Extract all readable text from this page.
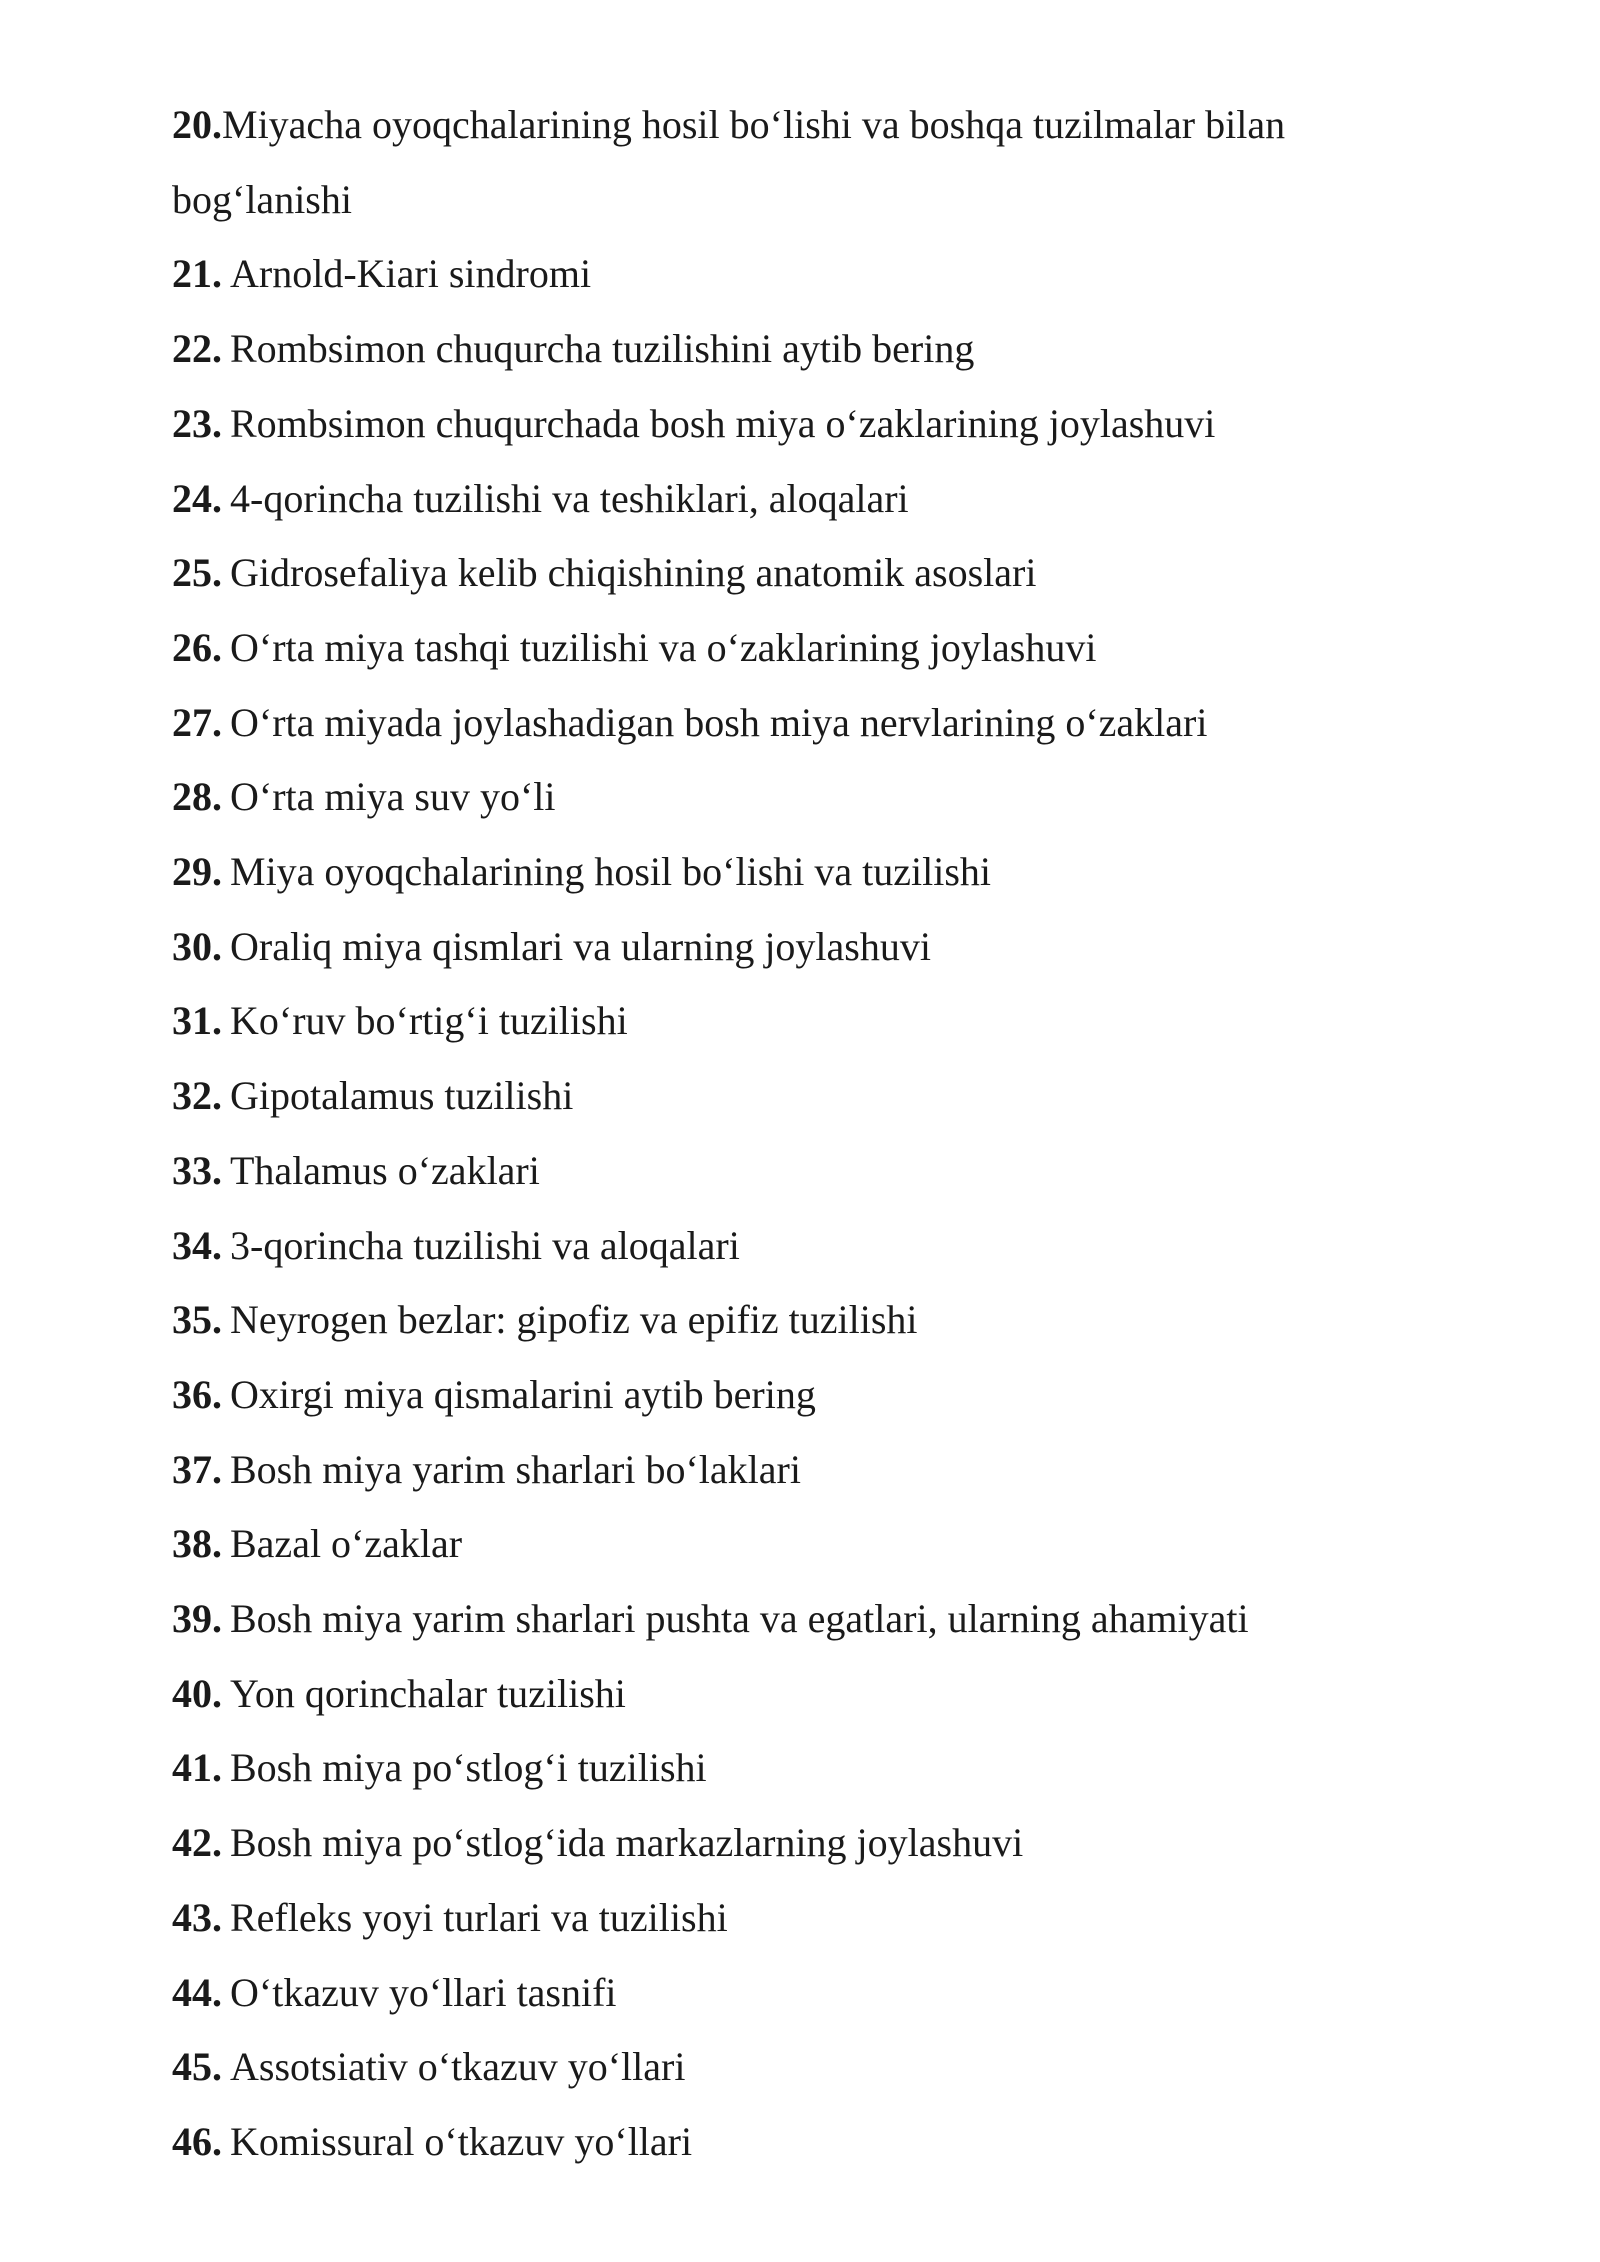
20.Miyacha oyoqchalarining hosil bo‘lishi va boshqa tuzilmalar bilan bog‘lanishi
21. Arnold-Kiari sindromi
22. Rombsimon chuqurcha tuzilishini aytib bering
23. Rombsimon chuqurchada bosh miya o‘zaklarining joylashuvi
24. 4-qorincha tuzilishi va teshiklari, aloqalari
25. Gidrosefaliya kelib chiqishining anatomik asoslari
26. O‘rta miya tashqi tuzilishi va o‘zaklarining joylashuvi
27. O‘rta miyada joylashadigan bosh miya nervlarining o‘zaklari
28. O‘rta miya suv yo‘li
29. Miya oyoqchalarining hosil bo‘lishi va tuzilishi
30. Oraliq miya qismlari va ularning joylashuvi
31. Ko‘ruv bo‘rtig‘i tuzilishi
32. Gipotalamus tuzilishi
33. Thalamus o‘zaklari
34. 3-qorincha tuzilishi va aloqalari
35. Neyrogen bezlar: gipofiz va epifiz tuzilishi
36. Oxirgi miya qismalarini aytib bering
37. Bosh miya yarim sharlari bo‘laklari
38. Bazal o‘zaklar
39. Bosh miya yarim sharlari pushta va egatlari, ularning ahamiyati
40. Yon qorinchalar tuzilishi
41. Bosh miya po‘stlog‘i tuzilishi
42. Bosh miya po‘stlog‘ida markazlarning joylashuvi
43. Refleks yoyi turlari va tuzilishi
44. O‘tkazuv yo‘llari tasnifi
45. Assotsiativ o‘tkazuv yo‘llari
46. Komissural o‘tkazuv yo‘llari
